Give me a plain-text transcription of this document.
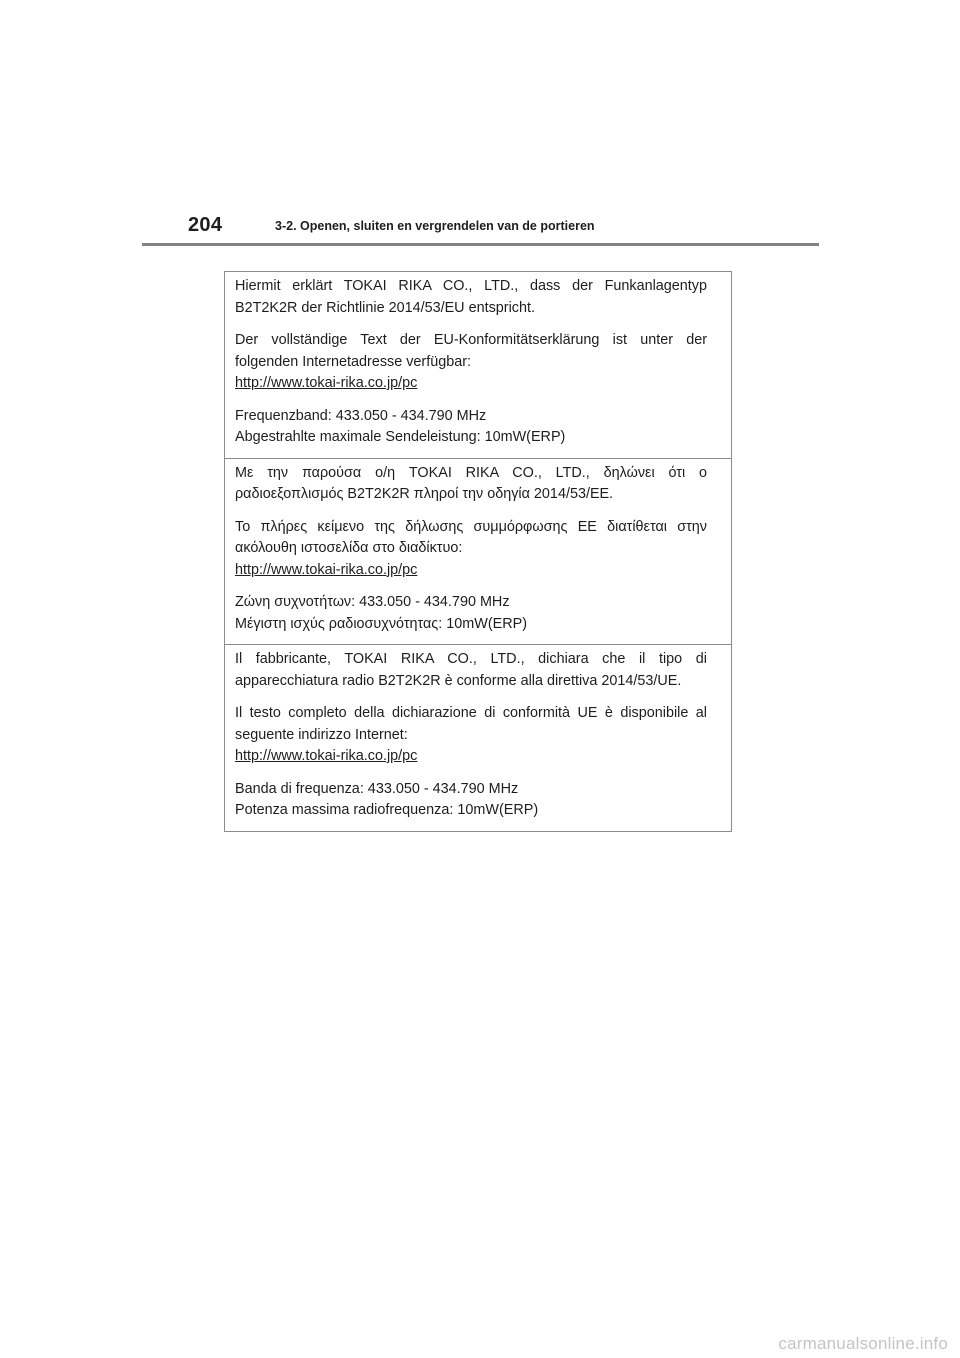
204	3-2. Openen, sluiten en vergrendelen van de portieren

Hiermit erklärt TOKAI RIKA CO., LTD., dass der Funkanlagentyp B2T2K2R der Richtlinie 2014/53/EU entspricht.

Der vollständige Text der EU-Konformitätserklärung ist unter der folgenden Internetadresse verfügbar:
http://www.tokai-rika.co.jp/pc

Frequenzband: 433.050 - 434.790 MHz
Abgestrahlte maximale Sendeleistung: 10mW(ERP)

Με την παρούσα ο/η TOKAI RIKA CO., LTD., δηλώνει ότι ο ραδιοεξοπλισμός B2T2K2R πληροί την οδηγία 2014/53/ΕΕ.

Το πλήρες κείμενο της δήλωσης συμμόρφωσης ΕΕ διατίθεται στην ακόλουθη ιστοσελίδα στο διαδίκτυο:
http://www.tokai-rika.co.jp/pc

Ζώνη συχνοτήτων: 433.050 - 434.790 MHz
Μέγιστη ισχύς ραδιοσυχνότητας: 10mW(ERP)

Il fabbricante, TOKAI RIKA CO., LTD., dichiara che il tipo di apparecchiatura radio B2T2K2R è conforme alla direttiva 2014/53/UE.

Il testo completo della dichiarazione di conformità UE è disponibile al seguente indirizzo Internet:
http://www.tokai-rika.co.jp/pc

Banda di frequenza: 433.050 - 434.790 MHz
Potenza massima radiofrequenza: 10mW(ERP)

carmanualsonline.info
